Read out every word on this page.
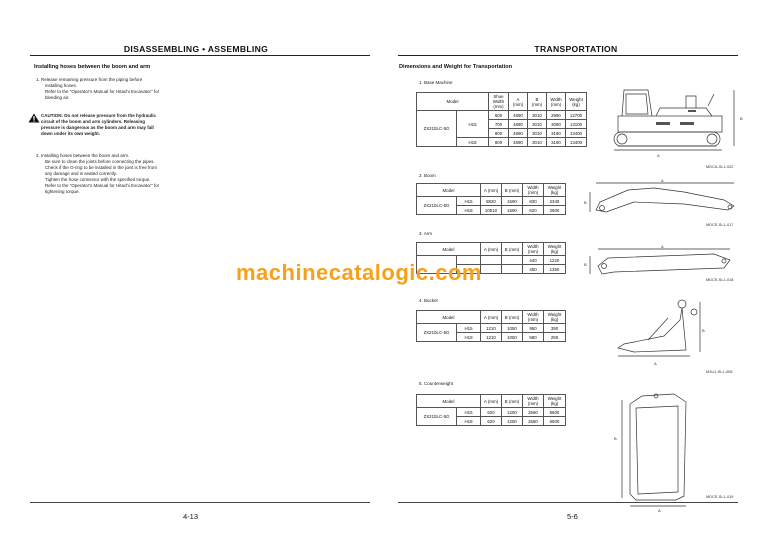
DISASSEMBLING • ASSEMBLING
Installing hoses between the boom and arm
1. Release remaining pressure from the piping before
installing hoses.
Refer to the "Operator's Manual for Hitachi Excavator" for
bleeding air.
CAUTION: Do not release pressure from the hydraulic
circuit of the boom and arm cylinders. Releasing
pressure is dangerous as the boom and arm may fall
down under its own weight.
2. Installing hoses between the boom and arm.
Be sure to clean the joints before connecting the pipes.
Check if the O-ring to be installed in the joint is free from
any damage and is seated correctly.
Tighten the hose connector with the specified torque.
Refer to the "Operator's Manual for Hitachi Excavator" for
tightening torque.
4-13
TRANSPORTATION
Dimensions and Weight for Transportation
1. Base Machine
Model		Shoe Width (mm)	A (mm)	B (mm)	Width (mm)	Weight (kg)
ZX210LC-5G		600	4890	3010	2990	12700
	H15	700	4890	3010	3090	13100
		800	4890	3010	3190	13400
	H18	800	4890	3010	3190	13400
B
A
MDCA-SL1-022
2. Boom
Model		A (mm)	B (mm)	Width (mm)	Weight (kg)
ZX210LC-5G	H15	8820	1590	830	2340
	H18	10510	1590	620	2600
A
B
MDCE-SL1-017
3. Arm
Model		A (mm)	B (mm)	Width (mm)	Weight (kg)
				440	1220
				450	1350
A
B
MDCE-SL1-018
4. Bucket
Model		A (mm)	B (mm)	Width (mm)	Weight (kg)
ZX210LC-5G	H15	1210	1050	950	390
	H18	1210	1050	580	290
B
A
M1U1-SL1-008
5. Counterweight
Model		A (mm)	B (mm)	Width (mm)	Weight (kg)
ZX210LC-5G	H15	620	1250	2660	6600
	H18	620	1250	2660	6600
B
A
MDCE-SL1-019
5-6
machinecatalogic.com
